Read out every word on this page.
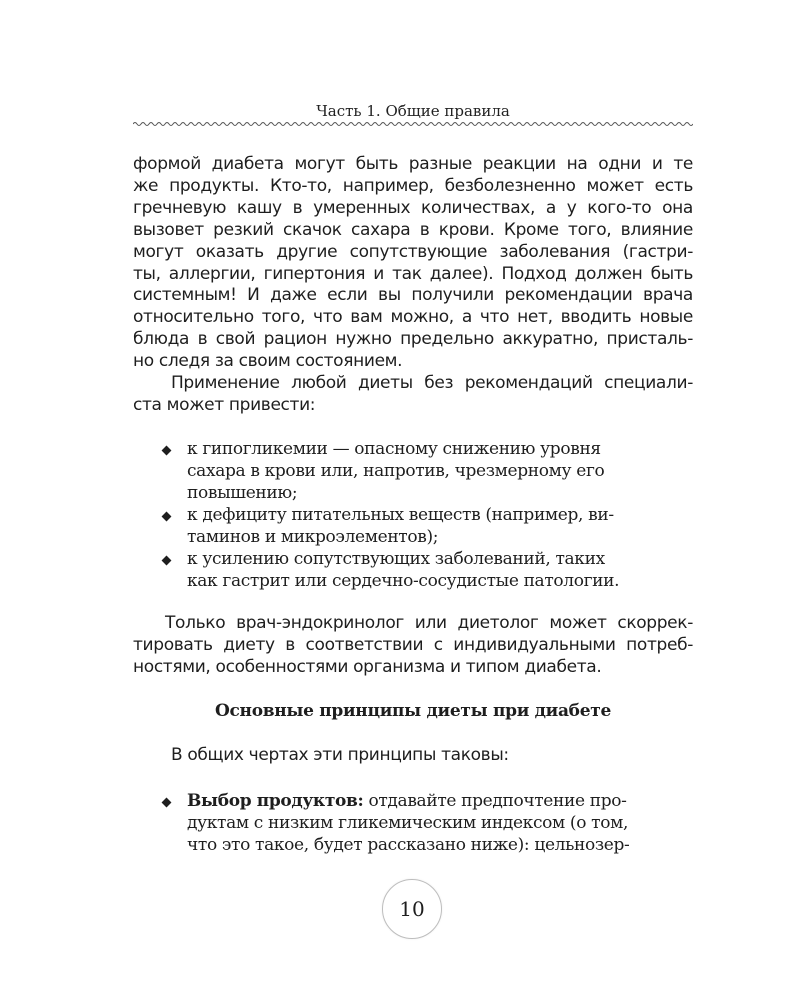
Часть 1. Общие правила

формой диабета могут быть разные реакции на одни и те
же продукты. Кто-то, например, безболезненно может есть
гречневую кашу в умеренных количествах, а у кого-то она
вызовет резкий скачок сахара в крови. Кроме того, влияние
могут оказать другие сопутствующие заболевания (гастри-
ты, аллергии, гипертония и так далее). Подход должен быть
системным! И даже если вы получили рекомендации врача
относительно того, что вам можно, а что нет, вводить новые
блюда в свой рацион нужно предельно аккуратно, присталь-
но следя за своим состоянием.

Применение любой диеты без рекомендаций специали-
ста может привести:

к гипогликемии — опасному снижению уровня
сахара в крови или, напротив, чрезмерному его
повышению;
к дефициту питательных веществ (например, ви-
таминов и микроэлементов);
к усилению сопутствующих заболеваний, таких
как гастрит или сердечно-сосудистые патологии.

Только врач-эндокринолог или диетолог может скоррек-
тировать диету в соответствии с индивидуальными потреб-
ностями, особенностями организма и типом диабета.

Основные принципы диеты при диабете

В общих чертах эти принципы таковы:

Выбор продуктов: отдавайте предпочтение про-
дуктам с низким гликемическим индексом (о том,
что это такое, будет рассказано ниже): цельнозер-
10
